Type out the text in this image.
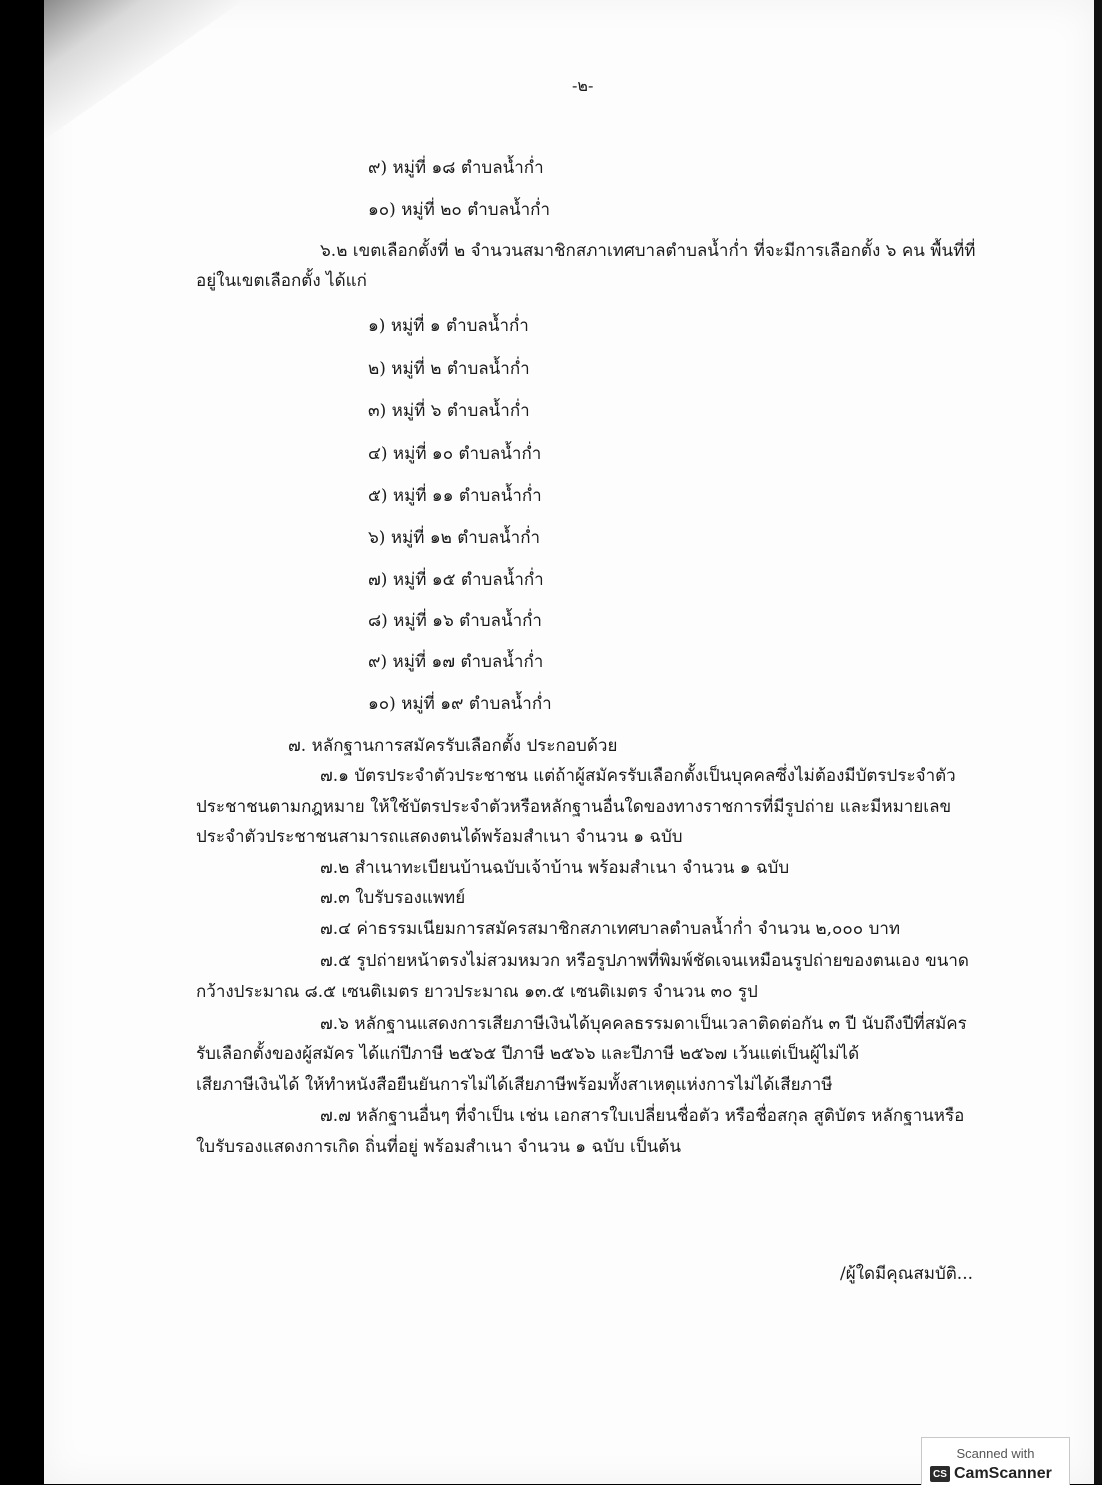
-๒-
๙) หมู่ที่ ๑๘ ตำบลน้ำก่ำ
๑๐) หมู่ที่ ๒๐ ตำบลน้ำก่ำ
๖.๒ เขตเลือกตั้งที่ ๒ จำนวนสมาชิกสภาเทศบาลตำบลน้ำก่ำ ที่จะมีการเลือกตั้ง ๖ คน พื้นที่ที่
อยู่ในเขตเลือกตั้ง ได้แก่
๑) หมู่ที่ ๑ ตำบลน้ำก่ำ
๒) หมู่ที่ ๒ ตำบลน้ำก่ำ
๓) หมู่ที่ ๖ ตำบลน้ำก่ำ
๔) หมู่ที่ ๑๐ ตำบลน้ำก่ำ
๕) หมู่ที่ ๑๑ ตำบลน้ำก่ำ
๖) หมู่ที่ ๑๒ ตำบลน้ำก่ำ
๗) หมู่ที่ ๑๕ ตำบลน้ำก่ำ
๘) หมู่ที่ ๑๖ ตำบลน้ำก่ำ
๙) หมู่ที่ ๑๗ ตำบลน้ำก่ำ
๑๐) หมู่ที่ ๑๙ ตำบลน้ำก่ำ
๗. หลักฐานการสมัครรับเลือกตั้ง ประกอบด้วย
๗.๑ บัตรประจำตัวประชาชน แต่ถ้าผู้สมัครรับเลือกตั้งเป็นบุคคลซึ่งไม่ต้องมีบัตรประจำตัว
ประชาชนตามกฎหมาย ให้ใช้บัตรประจำตัวหรือหลักฐานอื่นใดของทางราชการที่มีรูปถ่าย และมีหมายเลข
ประจำตัวประชาชนสามารถแสดงตนได้พร้อมสำเนา จำนวน ๑ ฉบับ
๗.๒ สำเนาทะเบียนบ้านฉบับเจ้าบ้าน พร้อมสำเนา จำนวน ๑ ฉบับ
๗.๓ ใบรับรองแพทย์
๗.๔ ค่าธรรมเนียมการสมัครสมาชิกสภาเทศบาลตำบลน้ำก่ำ จำนวน ๒,๐๐๐ บาท
๗.๕ รูปถ่ายหน้าตรงไม่สวมหมวก หรือรูปภาพที่พิมพ์ชัดเจนเหมือนรูปถ่ายของตนเอง ขนาด
กว้างประมาณ ๘.๕ เซนติเมตร ยาวประมาณ ๑๓.๕ เซนติเมตร จำนวน ๓๐ รูป
๗.๖ หลักฐานแสดงการเสียภาษีเงินได้บุคคลธรรมดาเป็นเวลาติดต่อกัน ๓ ปี นับถึงปีที่สมัคร
รับเลือกตั้งของผู้สมัคร ได้แก่ปีภาษี ๒๕๖๕ ปีภาษี ๒๕๖๖ และปีภาษี ๒๕๖๗ เว้นแต่เป็นผู้ไม่ได้
เสียภาษีเงินได้ ให้ทำหนังสือยืนยันการไม่ได้เสียภาษีพร้อมทั้งสาเหตุแห่งการไม่ได้เสียภาษี
๗.๗ หลักฐานอื่นๆ ที่จำเป็น เช่น เอกสารใบเปลี่ยนชื่อตัว หรือชื่อสกุล สูติบัตร หลักฐานหรือ
ใบรับรองแสดงการเกิด ถิ่นที่อยู่ พร้อมสำเนา จำนวน ๑ ฉบับ เป็นต้น
/ผู้ใดมีคุณสมบัติ...
Scanned with
CS CamScanner
